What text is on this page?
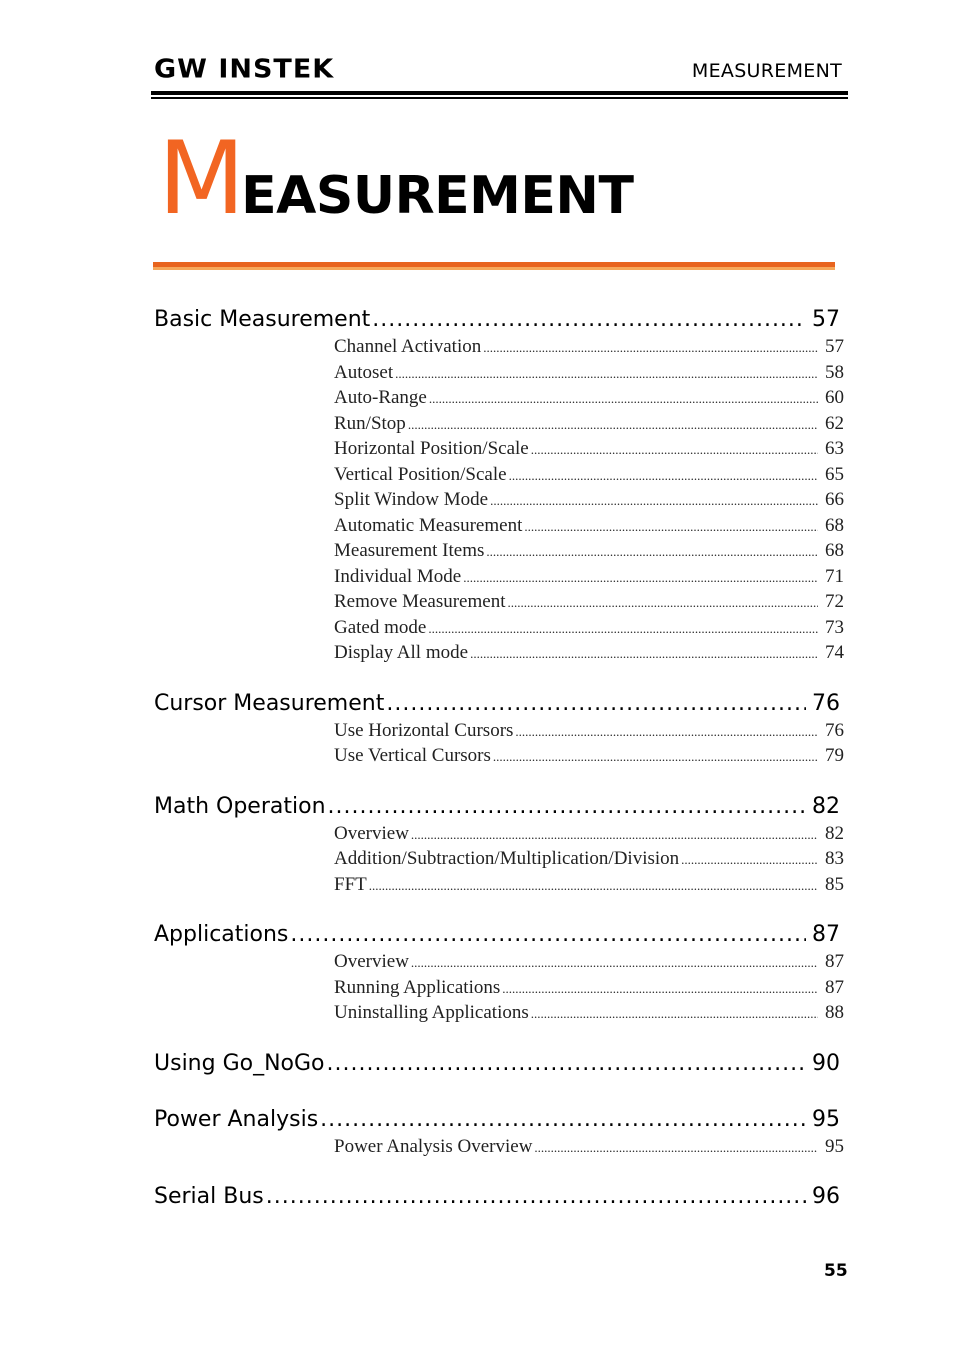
GW INSTEK	MEASUREMENT
MEASUREMENT
Basic Measurement .....	57
Channel Activation .....	57
Autoset .....	58
Auto-Range .....	60
Run/Stop .....	62
Horizontal Position/Scale .....	63
Vertical Position/Scale .....	65
Split Window Mode .....	66
Automatic Measurement .....	68
Measurement Items .....	68
Individual Mode .....	71
Remove Measurement .....	72
Gated mode .....	73
Display All mode .....	74
Cursor Measurement .....	76
Use Horizontal Cursors .....	76
Use Vertical Cursors .....	79
Math Operation .....	82
Overview .....	82
Addition/Subtraction/Multiplication/Division .....	83
FFT .....	85
Applications .....	87
Overview .....	87
Running Applications .....	87
Uninstalling Applications .....	88
Using Go_NoGo .....	90
Power Analysis .....	95
Power Analysis Overview .....	95
Serial Bus .....	96
55
